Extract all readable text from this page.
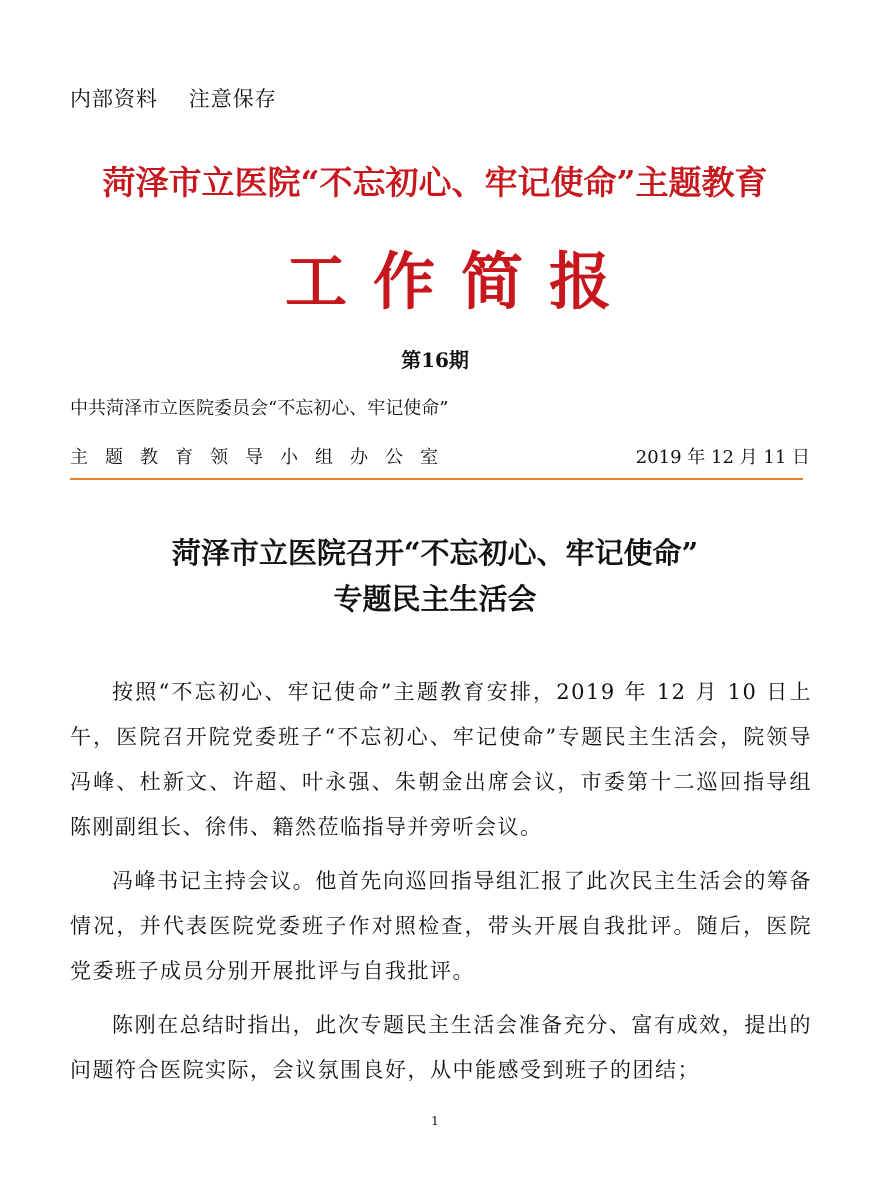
内部资料    注意保存
菏泽市立医院“不忘初心、牢记使命”主题教育
工作简报
第16期
中共菏泽市立医院委员会“不忘初心、牢记使命”
主题教育领导小组办公室	2019 年 12 月 11 日
菏泽市立医院召开“不忘初心、牢记使命”
专题民主生活会

按照“不忘初心、牢记使命”主题教育安排，2019 年 12 月 10 日上午，医院召开院党委班子“不忘初心、牢记使命”专题民主生活会，院领导冯峰、杜新文、许超、叶永强、朱朝金出席会议，市委第十二巡回指导组陈刚副组长、徐伟、籍然莅临指导并旁听会议。

冯峰书记主持会议。他首先向巡回指导组汇报了此次民主生活会的筹备情况，并代表医院党委班子作对照检查，带头开展自我批评。随后，医院党委班子成员分别开展批评与自我批评。

陈刚在总结时指出，此次专题民主生活会准备充分、富有成效，提出的问题符合医院实际，会议氛围良好，从中能感受到班子的团结；

1
